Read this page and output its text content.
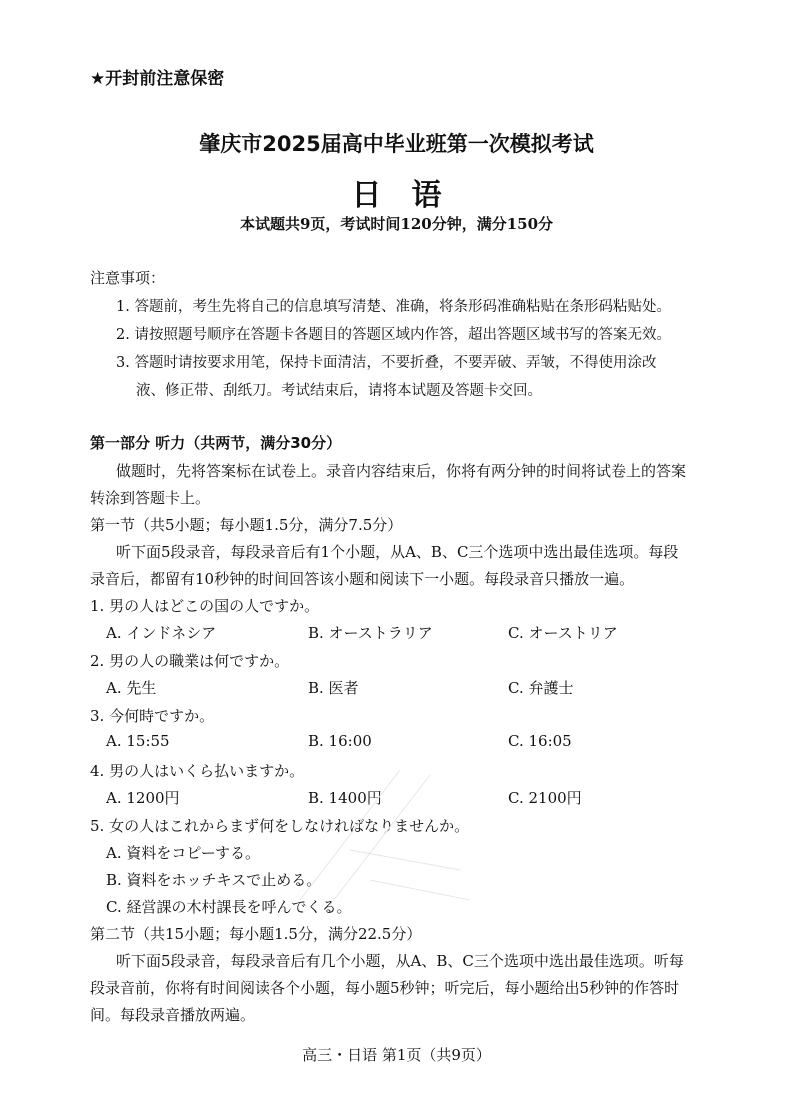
★开封前注意保密
肇庆市2025届高中毕业班第一次模拟考试
日语
本试题共9页，考试时间120分钟，满分150分
注意事项：
1. 答题前，考生先将自己的信息填写清楚、准确，将条形码准确粘贴在条形码粘贴处。
2. 请按照题号顺序在答题卡各题目的答题区域内作答，超出答题区域书写的答案无效。
3. 答题时请按要求用笔，保持卡面清洁，不要折叠，不要弄破、弄皱，不得使用涂改
液、修正带、刮纸刀。考试结束后，请将本试题及答题卡交回。
第一部分 听力（共两节，满分30分）
做题时，先将答案标在试卷上。录音内容结束后，你将有两分钟的时间将试卷上的答案
转涂到答题卡上。
第一节（共5小题；每小题1.5分，满分7.5分）
听下面5段录音，每段录音后有1个小题，从A、B、C三个选项中选出最佳选项。每段
录音后，都留有10秒钟的时间回答该小题和阅读下一小题。每段录音只播放一遍。
1. 男の人はどこの国の人ですか。
A. インドネシア	B. オーストラリア	C. オーストリア
2. 男の人の職業は何ですか。
A. 先生	B. 医者	C. 弁護士
3. 今何時ですか。
A. 15:55	B. 16:00	C. 16:05
4. 男の人はいくら払いますか。
A. 1200円	B. 1400円	C. 2100円
5. 女の人はこれからまず何をしなければなりませんか。
A. 資料をコピーする。
B. 資料をホッチキスで止める。
C. 経営課の木村課長を呼んでくる。
第二节（共15小题；每小题1.5分，满分22.5分）
听下面5段录音，每段录音后有几个小题，从A、B、C三个选项中选出最佳选项。听每
段录音前，你将有时间阅读各个小题，每小题5秒钟；听完后，每小题给出5秒钟的作答时
间。每段录音播放两遍。
高三・日语 第1页（共9页）
